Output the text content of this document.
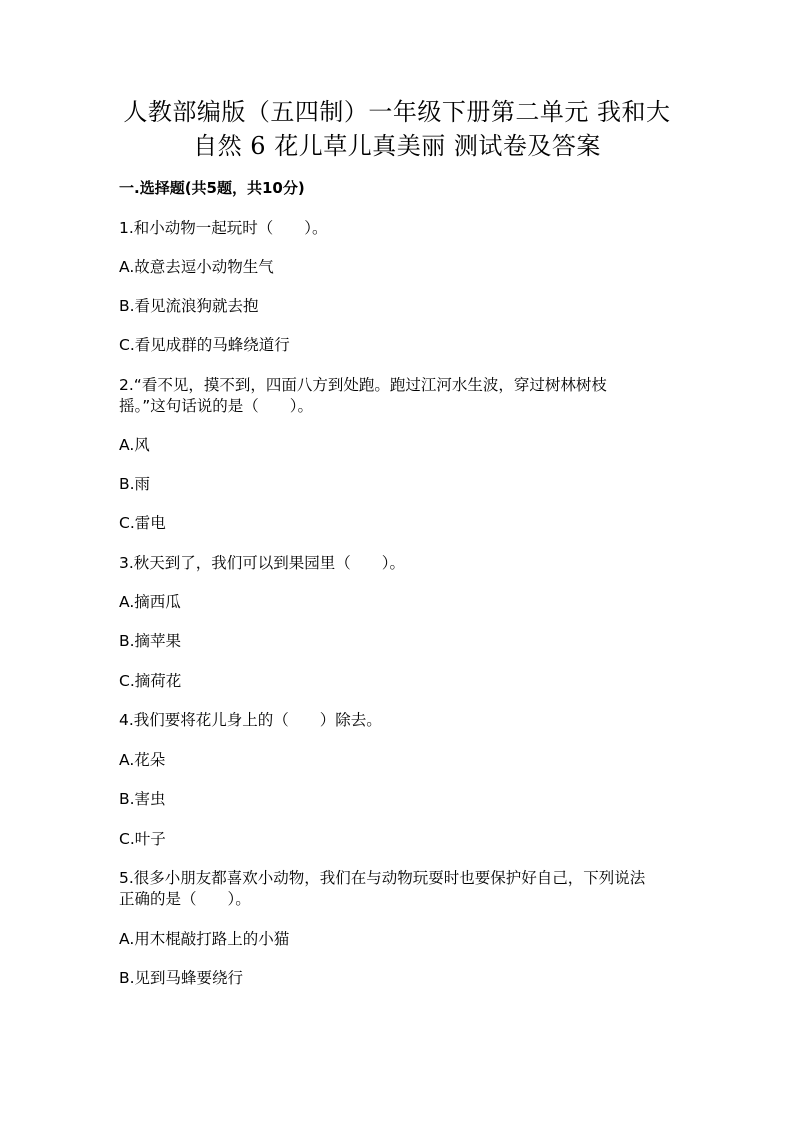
人教部编版（五四制）一年级下册第二单元 我和大
自然 6 花儿草儿真美丽 测试卷及答案
一.选择题(共5题，共10分)
1.和小动物一起玩时（　　）。
A.故意去逗小动物生气
B.看见流浪狗就去抱
C.看见成群的马蜂绕道行
2.“看不见，摸不到，四面八方到处跑。跑过江河水生波，穿过树林树枝
摇。”这句话说的是（　　）。
A.风
B.雨
C.雷电
3.秋天到了，我们可以到果园里（　　）。
A.摘西瓜
B.摘苹果
C.摘荷花
4.我们要将花儿身上的（　　）除去。
A.花朵
B.害虫
C.叶子
5.很多小朋友都喜欢小动物，我们在与动物玩耍时也要保护好自己，下列说法
正确的是（　　）。
A.用木棍敲打路上的小猫
B.见到马蜂要绕行
